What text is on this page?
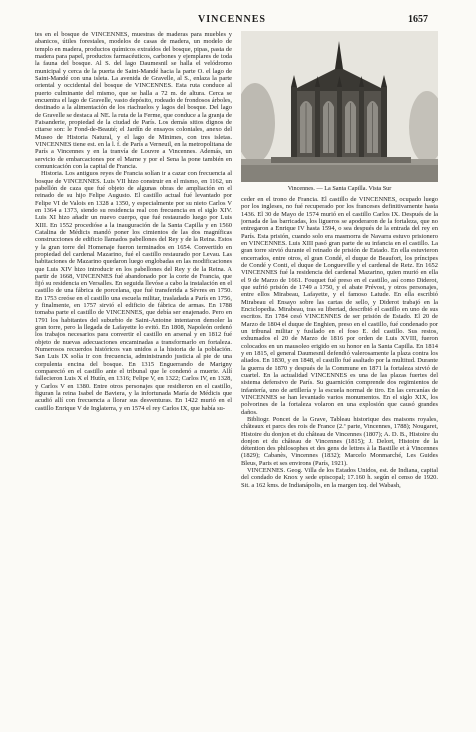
VINCENNES	1657

tes en el bosque de VINCENNES, muestras de maderas para muebles y abanicos, útiles forestales, modelos de casas de madera, un modelo de templo en madera, productos químicos extraídos del bosque, pipas, pasta de madera para papel, productos farmacéuticos, carbones y ejemplares de toda la fauna del bosque. Al S. del lago Daumesnil se halla el velódromo municipal y cerca de la puerta de Saint-Mandé hacia la parte O. el lago de Saint-Mandé con una isleta. La avenida de Gravelle, al S., enlaza la parte oriental y occidental del bosque de VINCENNES. Esta ruta conduce al puerto culminante del mismo, que se halla a 72 m. de altura. Cerca se encuentra el lago de Gravelle, vasto depósito, rodeado de frondosos árboles, destinado a la alimentación de los riachuelos y lagos del bosque. Del lago de Gravelle se destaca al NE. la ruta de la Ferme, que conduce a la granja de Faisanderie, propiedad de la ciudad de París. Los demás sitios dignos de citarse son: le Fond-de-Beauté; el Jardín de ensayos coloniales, anexo del Museo de Historia Natural, y el lago de Minimes, con tres isletas. VINCENNES tiene est. en la l. f. de París a Verneuil, en la metropolitana de París a Vincennes y en la tranvía de Louvre a Vincennes. Además, un servicio de embarcaciones por el Marne y por el Sena la pone también en comunicación con la capital de Francia.

Historia. Los antiguos reyes de Francia solían ir a cazar con frecuencia al bosque de VINCENNES. Luis VII hizo construir en el mismo, en 1162, un pabellón de caza que fué objeto de algunas obras de ampliación en el reinado de su hijo Felipe Augusto. El castillo actual fué levantado por Felipe VI de Valois en 1328 a 1350, y especialmente por su nieto Carlos V en 1364 a 1373, siendo su residencia real con frecuencia en el siglo XIV. Luis XI hizo añadir un nuevo cuerpo, que fué restaurado luego por Luis XIII. En 1552 procedióse a la inauguración de la Santa Capilla y en 1560 Catalina de Médicis mandó poner los cimientos de las dos magníficas construcciones de edificio llamados pabellones del Rey y de la Reina. Estos y la gran torre del Homenaje fueron terminados en 1654. Convertido en propiedad del cardenal Mazarino, fué el castillo restaurado por Levau. Las habitaciones de Mazarino quedaron luego englobadas en las modificaciones que Luis XIV hizo introducir en los pabellones del Rey y de la Reina. A partir de 1668, VINCENNES fué abandonado por la corte de Francia, que fijó su residencia en Versalles. En seguida llevóse a cabo la instalación en el castillo de una fábrica de porcelana, que fué transferida a Sèvres en 1750. En 1753 creóse en el castillo una escuela militar, trasladada a París en 1756, y finalmente, en 1757 sirvió el edificio de fábrica de armas. En 1788 tomaba parte el castillo de VINCENNES, que debía ser enajenado. Pero en 1791 los habitantes del suburbio de Saint-Antoine intentaron demoler la gran torre, pero la llegada de Lafayette lo evitó. En 1808, Napoleón ordenó los trabajos necesarios para convertir el castillo en arsenal y en 1812 fué objeto de nuevas adecuaciones encaminadas a transformarlo en fortaleza. Numerosos recuerdos históricos van unidos a la historia de la población. San Luis IX solía ir con frecuencia, administrando justicia al pie de una corpulenta encina del bosque. En 1315 Enguerrando de Marigny compareció en el castillo ante el tribunal que le condenó a muerte. Allí fallecieron Luis X el Hutín, en 1316; Felipe V, en 1322; Carlos IV, en 1328, y Carlos V en 1380. Entre otros personajes que residieron en el castillo, figuran la reina Isabel de Baviera, y la infortunada María de Médicis que acudió allí con frecuencia a llorar sus desventuras. En 1422 murió en el castillo Enrique V de Inglaterra, y en 1574 el rey Carlos IX, que había su-

Vincennes. — La Santa Capilla. Vista Sur

ceder en el trono de Francia. El castillo de VINCENNES, ocupado luego por los ingleses, no fué recuperado por los franceses definitivamente hasta 1436. El 30 de Mayo de 1574 murió en el castillo Carlos IX. Después de la jornada de las barricadas, los ligueros se apoderaron de la fortaleza, que no entregaron a Enrique IV hasta 1594, o sea después de la entrada del rey en París. Esta prisión, cuando solo era masmorra de Navarra estuvo prisionero en VINCENNES. Luis XIII pasó gran parte de su infancia en el castillo. La gran torre sirvió durante el reinado de prisión de Estado. En ella estuvieron encerrados, entre otros, el gran Condé, el duque de Beaufort, los príncipes de Condé y Conti, el duque de Longueville y el cardenal de Retz. En 1652 VINCENNES fué la residencia del cardenal Mazarino, quien murió en ella el 9 de Marzo de 1661. Fouquet fué preso en el castillo, así como Diderot, que sufrió prisión de 1749 a 1750, y el abate Prévost, y otros personajes, entre ellos Mirabeau, Lafayette, y el famoso Latude. En ella escribió Mirabeau el Ensayo sobre las cartas de sello, y Diderot trabajó en la Enciclopedia. Mirabeau, tras su libertad, describió el castillo en uno de sus escritos. En 1784 cesó VINCENNES de ser prisión de Estado. El 20 de Marzo de 1804 el duque de Enghien, preso en el castillo, fué condenado por un tribunal militar y fusilado en el foso E. del castillo. Sus restos, exhumados el 20 de Marzo de 1816 por orden de Luis XVIII, fueron colocados en un mausoleo erigido en su honor en la Santa Capilla. En 1814 y en 1815, el general Daumesnil defendió valerosamente la plaza contra los aliados. En 1830, y en 1848, el castillo fué asaltado por la multitud. Durante la guerra de 1870 y después de la Commune en 1871 la fortaleza sirvió de cuartel. En la actualidad VINCENNES es una de las plazas fuertes del sistema defensivo de París. Su guarnición comprende dos regimientos de infantería, uno de artillería y la escuela normal de tiro. En las cercanías de VINCENNES se han levantado varios monumentos. En el siglo XIX, los polvorines de la fortaleza volaron en una explosión que causó grandes daños.

Bibliogr. Poncet de la Grave, Tableau historique des maisons royales, châteaux et parcs des rois de France (2.ª parte, Vincennes, 1788); Nougaret, Histoire du donjon et du château de Vincennes (1807); A. D. B., Histoire du donjon et du château de Vincennes (1815); J. Delort, Histoire de la détention des philosophes et des gens de lettres à la Bastille et à Vincennes (1829); Cabanès, Vincennes (1832); Marcelo Monmarché, Les Guides Bleus, Paris et ses environs (París, 1921).

VINCENNES. Geog. Villa de los Estados Unidos, est. de Indiana, capital del condado de Knox y sede episcopal; 17.160 h. según el censo de 1920. Sit. a 162 kms. de Indianápolis, en la margen izq. del Wabash,
